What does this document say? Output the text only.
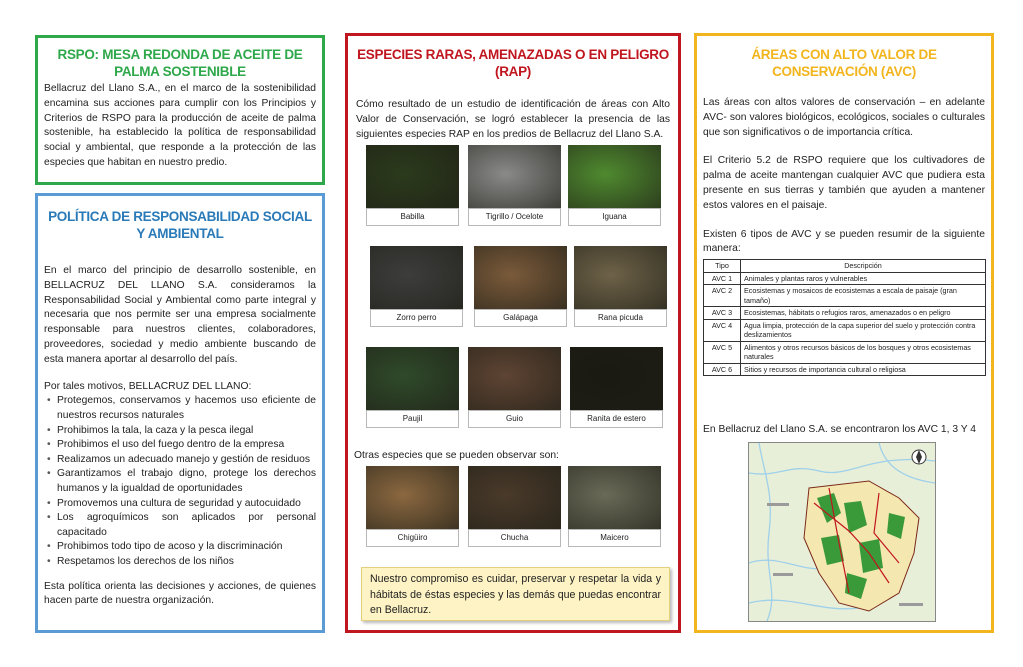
RSPO: MESA REDONDA DE ACEITE DE PALMA SOSTENIBLE

Bellacruz del Llano S.A., en el marco de la sostenibilidad encamina sus acciones para cumplir con los Principios y Criterios de RSPO para la producción de aceite de palma sostenible, ha establecido la política de responsabilidad social y ambiental, que responde a la protección de las especies que habitan en nuestro predio.

POLÍTICA DE RESPONSABILIDAD SOCIAL Y AMBIENTAL

En el marco del principio de desarrollo sostenible, en BELLACRUZ DEL LLANO S.A. consideramos la Responsabilidad Social y Ambiental como parte integral y necesaria que nos permite ser una empresa socialmente responsable para nuestros clientes, colaboradores, proveedores, sociedad y medio ambiente buscando de esta manera aportar al desarrollo del país.

Por tales motivos, BELLACRUZ DEL LLANO:

• Protegemos, conservamos y hacemos uso eficiente de nuestros recursos naturales
• Prohibimos la tala, la caza y la pesca ilegal
• Prohibimos el uso del fuego dentro de la empresa
• Realizamos un adecuado manejo y gestión de residuos
• Garantizamos el trabajo digno, protege los derechos humanos y la igualdad de oportunidades
• Promovemos una cultura de seguridad y autocuidado
• Los agroquímicos son aplicados por personal capacitado
• Prohibimos todo tipo de acoso y la discriminación
• Respetamos los derechos de los niños

Esta política orienta las decisiones y acciones, de quienes hacen parte de nuestra organización.

ESPECIES RARAS, AMENAZADAS O EN PELIGRO (RAP)

Cómo resultado de un estudio de identificación de áreas con Alto Valor de Conservación, se logró establecer la presencia de las siguientes especies RAP en los predios de Bellacruz del Llano S.A.

Babilla	Tigrillo / Ocelote	Iguana
Zorro perro	Galápaga	Rana picuda
Paujil	Guio	Ranita de estero
Otras especies que se pueden observar son:
Chigüiro	Chucha	Maicero
Nuestro compromiso es cuidar, preservar y respetar la vida y hábitats de éstas especies y las demás que puedas encontrar en Bellacruz.
ÁREAS CON ALTO VALOR DE CONSERVACIÓN (AVC)

Las áreas con altos valores de conservación – en adelante AVC- son valores biológicos, ecológicos, sociales o culturales que son significativos o de importancia crítica.

El Criterio 5.2 de RSPO requiere que los cultivadores de palma de aceite mantengan cualquier AVC que pudiera esta presente en sus tierras y también que ayuden a mantener estos valores en el paisaje.

Existen 6 tipos de AVC y se pueden resumir de la siguiente manera:

Tipo	Descripción
AVC 1	Animales y plantas raros y vulnerables
AVC 2	Ecosistemas y mosaicos de ecosistemas a escala de paisaje (gran tamaño)
AVC 3	Ecosistemas, hábitats o refugios raros, amenazados o en peligro
AVC 4	Agua limpia, protección de la capa superior del suelo y protección contra deslizamientos
AVC 5	Alimentos y otros recursos básicos de los bosques y otros ecosistemas naturales
AVC 6	Sitios y recursos de importancia cultural o religiosa
En Bellacruz del Llano S.A. se encontraron los AVC 1, 3 Y 4
